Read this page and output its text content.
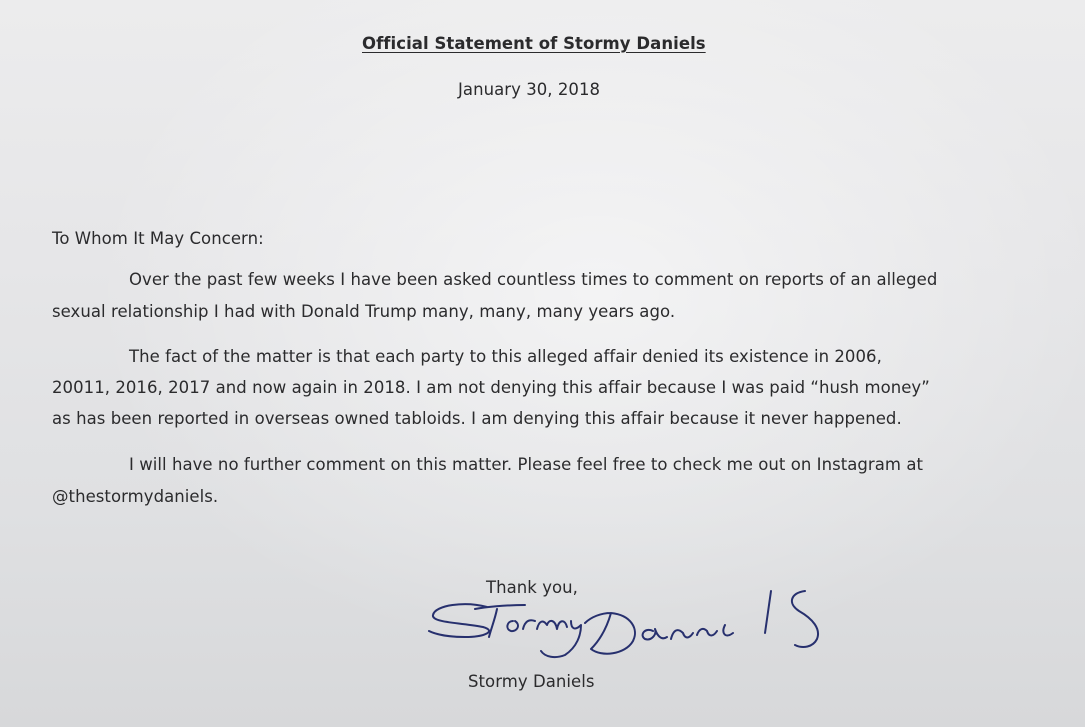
Official Statement of Stormy Daniels
January 30, 2018
To Whom It May Concern:
Over the past few weeks I have been asked countless times to comment on reports of an alleged
sexual relationship I had with Donald Trump many, many, many years ago.
The fact of the matter is that each party to this alleged affair denied its existence in 2006,
20011, 2016, 2017 and now again in 2018. I am not denying this affair because I was paid “hush money”
as has been reported in overseas owned tabloids. I am denying this affair because it never happened.
I will have no further comment on this matter. Please feel free to check me out on Instagram at
@thestormydaniels.
Thank you,
Stormy Daniels
